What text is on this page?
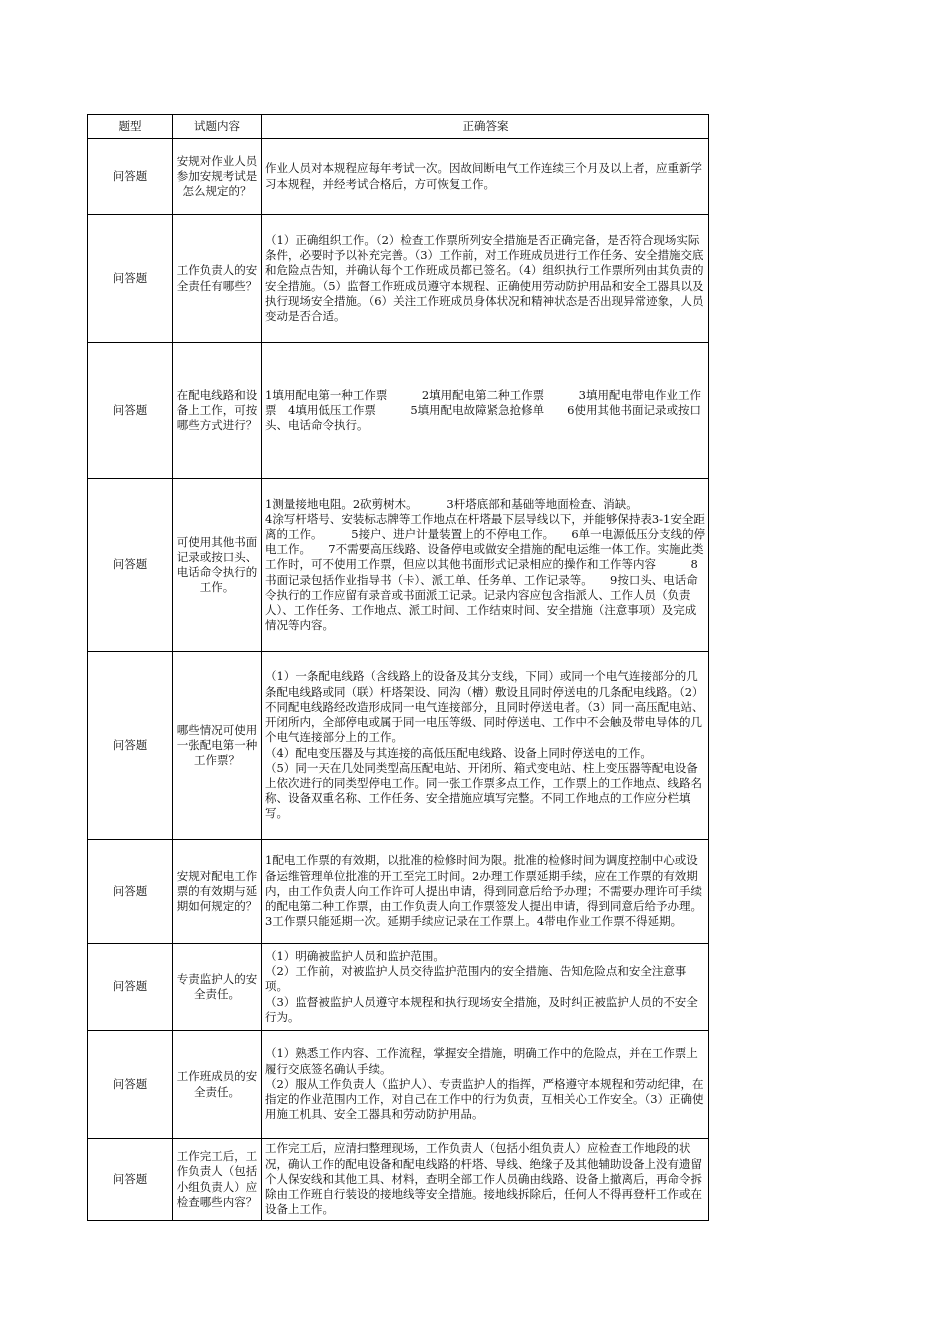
题型	试题内容	正确答案
问答题	安规对作业人员参加安规考试是怎么规定的？	作业人员对本规程应每年考试一次。因故间断电气工作连续三个月及以上者，应重新学习本规程，并经考试合格后，方可恢复工作。

问答题	工作负责人的安全责任有哪些？	（1）正确组织工作。（2）检查工作票所列安全措施是否正确完备，是否符合现场实际条件，必要时予以补充完善。（3）工作前，对工作班成员进行工作任务、安全措施交底和危险点告知，并确认每个工作班成员都已签名。（4）组织执行工作票所列由其负责的安全措施。（5）监督工作班成员遵守本规程、正确使用劳动防护用品和安全工器具以及执行现场安全措施。（6）关注工作班成员身体状况和精神状态是否出现异常迹象，人员变动是否合适。

问答题	在配电线路和设备上工作，可按哪些方式进行？	1填用配电第一种工作票　　　2填用配电第二种工作票　　　3填用配电带电作业工作票　4填用低压工作票　　　5填用配电故障紧急抢修单　　6使用其他书面记录或按口头、电话命令执行。

问答题	可使用其他书面记录或按口头、电话命令执行的工作。	1测量接地电阻。2砍剪树木。　　　3杆塔底部和基础等地面检查、消缺。
4涂写杆塔号、安装标志牌等工作地点在杆塔最下层导线以下，并能够保持表3-1安全距离的工作。　　　5接户、进户计量装置上的不停电工作。　　6单一电源低压分支线的停电工作。　　7不需要高压线路、设备停电或做安全措施的配电运维一体工作。实施此类工作时，可不使用工作票，但应以其他书面形式记录相应的操作和工作等内容　　　8书面记录包括作业指导书（卡）、派工单、任务单、工作记录等。　　9按口头、电话命令执行的工作应留有录音或书面派工记录。记录内容应包含指派人、工作人员（负责人）、工作任务、工作地点、派工时间、工作结束时间、安全措施（注意事项）及完成情况等内容。

问答题	哪些情况可使用一张配电第一种工作票？	（1）一条配电线路（含线路上的设备及其分支线，下同）或同一个电气连接部分的几条配电线路或同（联）杆塔架设、同沟（槽）敷设且同时停送电的几条配电线路。（2）不同配电线路经改造形成同一电气连接部分，且同时停送电者。（3）同一高压配电站、开闭所内，全部停电或属于同一电压等级、同时停送电、工作中不会触及带电导体的几个电气连接部分上的工作。
（4）配电变压器及与其连接的高低压配电线路、设备上同时停送电的工作。
（5）同一天在几处同类型高压配电站、开闭所、箱式变电站、柱上变压器等配电设备上依次进行的同类型停电工作。同一张工作票多点工作，工作票上的工作地点、线路名称、设备双重名称、工作任务、安全措施应填写完整。不同工作地点的工作应分栏填写。

问答题	安规对配电工作票的有效期与延期如何规定的？	1配电工作票的有效期，以批准的检修时间为限。批准的检修时间为调度控制中心或设备运维管理单位批准的开工至完工时间。2办理工作票延期手续，应在工作票的有效期内，由工作负责人向工作许可人提出申请，得到同意后给予办理；不需要办理许可手续的配电第二种工作票，由工作负责人向工作票签发人提出申请，得到同意后给予办理。3工作票只能延期一次。延期手续应记录在工作票上。4带电作业工作票不得延期。

问答题	专责监护人的安全责任。	（1）明确被监护人员和监护范围。
（2）工作前，对被监护人员交待监护范围内的安全措施、告知危险点和安全注意事项。
（3）监督被监护人员遵守本规程和执行现场安全措施，及时纠正被监护人员的不安全行为。

问答题	工作班成员的安全责任。	（1）熟悉工作内容、工作流程，掌握安全措施，明确工作中的危险点，并在工作票上履行交底签名确认手续。
（2）服从工作负责人（监护人）、专责监护人的指挥，严格遵守本规程和劳动纪律，在指定的作业范围内工作，对自己在工作中的行为负责，互相关心工作安全。（3）正确使用施工机具、安全工器具和劳动防护用品。

问答题	工作完工后，工作负责人（包括小组负责人）应检查哪些内容？	工作完工后，应清扫整理现场，工作负责人（包括小组负责人）应检查工作地段的状况，确认工作的配电设备和配电线路的杆塔、导线、绝缘子及其他辅助设备上没有遗留个人保安线和其他工具、材料，查明全部工作人员确由线路、设备上撤离后，再命令拆除由工作班自行装设的接地线等安全措施。接地线拆除后，任何人不得再登杆工作或在设备上工作。
